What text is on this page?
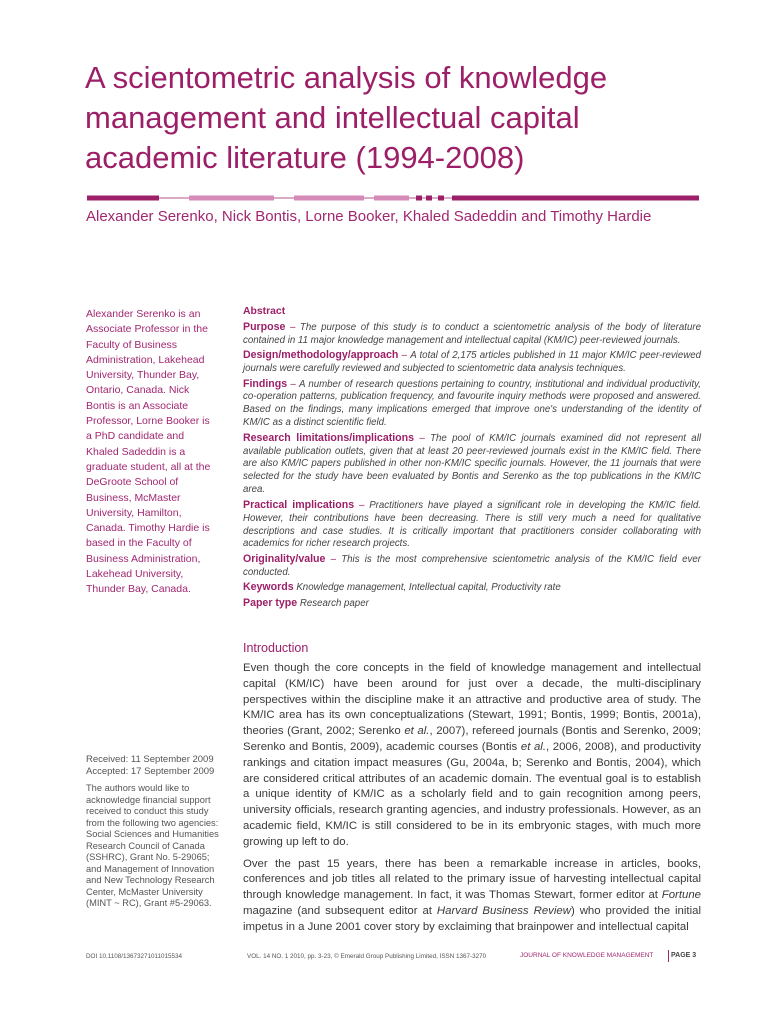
A scientometric analysis of knowledge management and intellectual capital academic literature (1994-2008)
Alexander Serenko, Nick Bontis, Lorne Booker, Khaled Sadeddin and Timothy Hardie

Alexander Serenko is an Associate Professor in the Faculty of Business Administration, Lakehead University, Thunder Bay, Ontario, Canada. Nick Bontis is an Associate Professor, Lorne Booker is a PhD candidate and Khaled Sadeddin is a graduate student, all at the DeGroote School of Business, McMaster University, Hamilton, Canada. Timothy Hardie is based in the Faculty of Business Administration, Lakehead University, Thunder Bay, Canada.

Received: 11 September 2009
Accepted: 17 September 2009
The authors would like to acknowledge financial support received to conduct this study from the following two agencies: Social Sciences and Humanities Research Council of Canada (SSHRC), Grant No. 5-29065; and Management of Innovation and New Technology Research Center, McMaster University (MINT ~ RC), Grant #5-29063.
Abstract

Purpose – The purpose of this study is to conduct a scientometric analysis of the body of literature contained in 11 major knowledge management and intellectual capital (KM/IC) peer-reviewed journals.

Design/methodology/approach – A total of 2,175 articles published in 11 major KM/IC peer-reviewed journals were carefully reviewed and subjected to scientometric data analysis techniques.

Findings – A number of research questions pertaining to country, institutional and individual productivity, co-operation patterns, publication frequency, and favourite inquiry methods were proposed and answered. Based on the findings, many implications emerged that improve one's understanding of the identity of KM/IC as a distinct scientific field.

Research limitations/implications – The pool of KM/IC journals examined did not represent all available publication outlets, given that at least 20 peer-reviewed journals exist in the KM/IC field. There are also KM/IC papers published in other non-KM/IC specific journals. However, the 11 journals that were selected for the study have been evaluated by Bontis and Serenko as the top publications in the KM/IC area.

Practical implications – Practitioners have played a significant role in developing the KM/IC field. However, their contributions have been decreasing. There is still very much a need for qualitative descriptions and case studies. It is critically important that practitioners consider collaborating with academics for richer research projects.

Originality/value – This is the most comprehensive scientometric analysis of the KM/IC field ever conducted.

Keywords Knowledge management, Intellectual capital, Productivity rate

Paper type Research paper

Introduction

Even though the core concepts in the field of knowledge management and intellectual capital (KM/IC) have been around for just over a decade, the multi-disciplinary perspectives within the discipline make it an attractive and productive area of study. The KM/IC area has its own conceptualizations (Stewart, 1991; Bontis, 1999; Bontis, 2001a), theories (Grant, 2002; Serenko et al., 2007), refereed journals (Bontis and Serenko, 2009; Serenko and Bontis, 2009), academic courses (Bontis et al., 2006, 2008), and productivity rankings and citation impact measures (Gu, 2004a, b; Serenko and Bontis, 2004), which are considered critical attributes of an academic domain. The eventual goal is to establish a unique identity of KM/IC as a scholarly field and to gain recognition among peers, university officials, research granting agencies, and industry professionals. However, as an academic field, KM/IC is still considered to be in its embryonic stages, with much more growing up left to do.

Over the past 15 years, there has been a remarkable increase in articles, books, conferences and job titles all related to the primary issue of harvesting intellectual capital through knowledge management. In fact, it was Thomas Stewart, former editor at Fortune magazine (and subsequent editor at Harvard Business Review) who provided the initial impetus in a June 2001 cover story by exclaiming that brainpower and intellectual capital

DOI 10.1108/13673271011015534	VOL. 14 NO. 1 2010, pp. 3-23, © Emerald Group Publishing Limited, ISSN 1367-3270	JOURNAL OF KNOWLEDGE MANAGEMENT	PAGE 3
